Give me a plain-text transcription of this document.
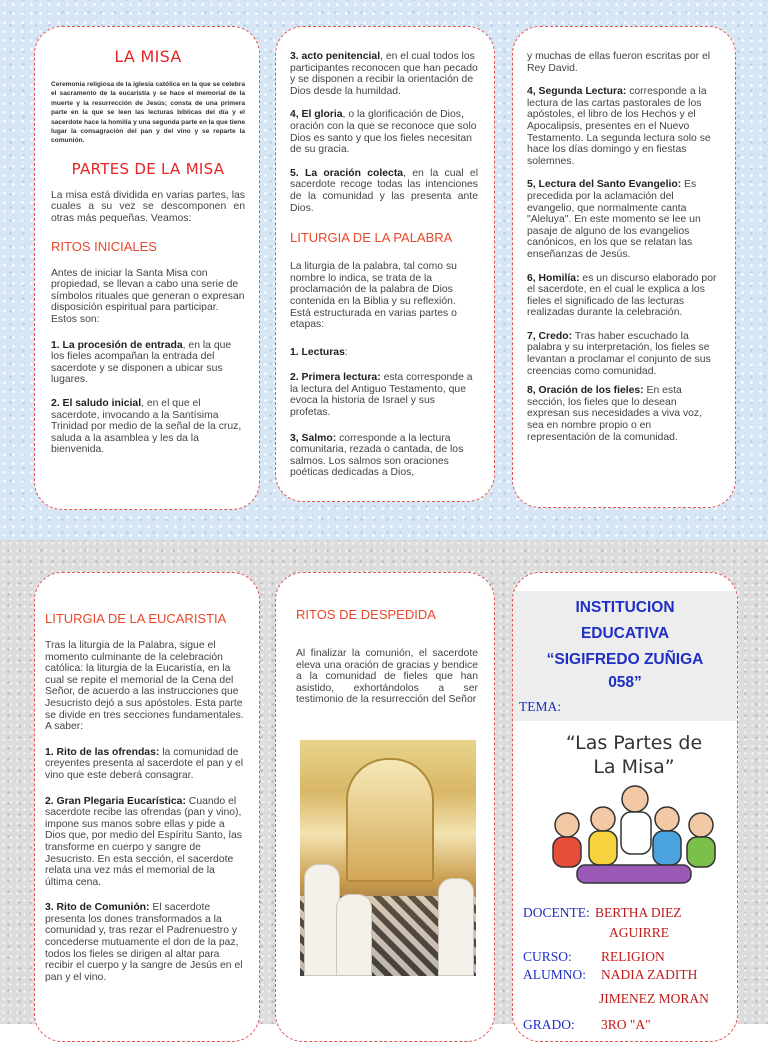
LA MISA

Ceremonia religiosa de la iglesia católica en la que se celebra el sacramento de la eucaristía y se hace el memorial de la muerte y la resurrección de Jesús; consta de una primera parte en la que se leen las lecturas bíblicas del día y el sacerdote hace la homilía y una segunda parte en la que tiene lugar la consagración del pan y del vino y se reparte la comunión.

PARTES DE LA MISA

La misa está dividida en varias partes, las cuales a su vez se descomponen en otras más pequeñas. Veamos:

RITOS INICIALES

Antes de iniciar la Santa Misa con propiedad, se llevan a cabo una serie de símbolos rituales que generan o expresan disposición espiritual para participar. Estos son:

1. La procesión de entrada, en la que los fieles acompañan la entrada del sacerdote y se disponen a ubicar sus lugares.

2. El saludo inicial, en el que el sacerdote, invocando a la Santísima Trinidad por medio de la señal de la cruz, saluda a la asamblea y les da la bienvenida.

3. acto penitencial, en el cual todos los participantes reconocen que han pecado y se disponen a recibir la orientación de Dios desde la humildad.

4, El gloria, o la glorificación de Dios, oración con la que se reconoce que solo Dios es santo y que los fieles necesitan de su gracia.

5. La oración colecta, en la cual el sacerdote recoge todas las intenciones de la comunidad y las presenta ante Dios.

LITURGIA DE LA PALABRA

La liturgia de la palabra, tal como su nombre lo indica, se trata de la proclamación de la palabra de Dios contenida en la Biblia y su reflexión. Está estructurada en varias partes o etapas:

1. Lecturas:

2. Primera lectura: esta corresponde a la lectura del Antiguo Testamento, que evoca la historia de Israel y sus profetas.

3, Salmo: corresponde a la lectura comunitaria, rezada o cantada, de los salmos. Los salmos son oraciones poéticas dedicadas a Dios,

y muchas de ellas fueron escritas por el Rey David.

4, Segunda Lectura: corresponde a la lectura de las cartas pastorales de los apóstoles, el libro de los Hechos y el Apocalipsis, presentes en el Nuevo Testamento. La segunda lectura solo se hace los días domingo y en fiestas solemnes.

5, Lectura del Santo Evangelio: Es precedida por la aclamación del evangelio, que normalmente canta "Aleluya". En este momento se lee un pasaje de alguno de los evangelios canónicos, en los que se relatan las enseñanzas de Jesús.

6, Homilía: es un discurso elaborado por el sacerdote, en el cual le explica a los fieles el significado de las lecturas realizadas durante la celebración.

7, Credo: Tras haber escuchado la palabra y su interpretación, los fieles se levantan a proclamar el conjunto de sus creencias como comunidad.

8, Oración de los fieles: En esta sección, los fieles que lo desean expresan sus necesidades a viva voz, sea en nombre propio o en representación de la comunidad.

LITURGIA DE LA EUCARISTIA

Tras la liturgia de la Palabra, sigue el momento culminante de la celebración católica: la liturgia de la Eucaristía, en la cual se repite el memorial de la Cena del Señor, de acuerdo a las instrucciones que Jesucristo dejó a sus apóstoles. Esta parte se divide en tres secciones fundamentales. A saber:

1. Rito de las ofrendas: la comunidad de creyentes presenta al sacerdote el pan y el vino que este deberá consagrar.

2. Gran Plegaria Eucarística: Cuando el sacerdote recibe las ofrendas (pan y vino), impone sus manos sobre ellas y pide a Dios que, por medio del Espíritu Santo, las transforme en cuerpo y sangre de Jesucristo. En esta sección, el sacerdote relata una vez más el memorial de la última cena.

3. Rito de Comunión: El sacerdote presenta los dones transformados a la comunidad y, tras rezar el Padrenuestro y concederse mutuamente el don de la paz, todos los fieles se dirigen al altar para recibir el cuerpo y la sangre de Jesús en el pan y el vino.

RITOS DE DESPEDIDA

Al finalizar la comunión, el sacerdote eleva una oración de gracias y bendice a la comunidad de fieles que han asistido, exhortándolos a ser testimonio de la resurrección del Señor

INSTITUCION

EDUCATIVA

“SIGIFREDO ZUÑIGA

058”

TEMA:

“Las Partes de

La Misa”

DOCENTE: BERTHA DIEZ
AGUIRRE
CURSO: RELIGION
ALUMNO: NADIA ZADITH
JIMENEZ MORAN
GRADO: 3RO "A"
